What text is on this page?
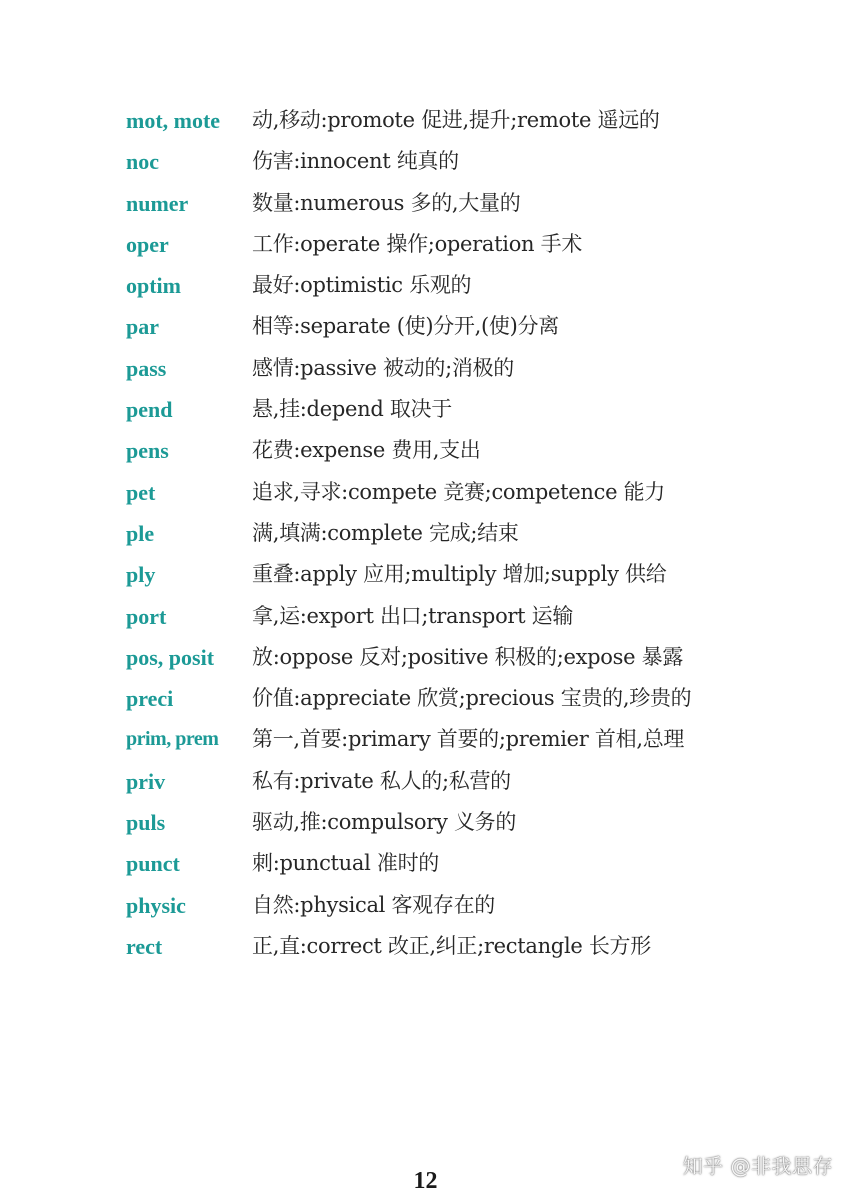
mot, mote	动,移动:promote 促进,提升;remote 遥远的
noc	伤害:innocent 纯真的
numer	数量:numerous 多的,大量的
oper	工作:operate 操作;operation 手术
optim	最好:optimistic 乐观的
par	相等:separate (使)分开,(使)分离
pass	感情:passive 被动的;消极的
pend	悬,挂:depend 取决于
pens	花费:expense 费用,支出
pet	追求,寻求:compete 竞赛;competence 能力
ple	满,填满:complete 完成;结束
ply	重叠:apply 应用;multiply 增加;supply 供给
port	拿,运:export 出口;transport 运输
pos, posit	放:oppose 反对;positive 积极的;expose 暴露
preci	价值:appreciate 欣赏;precious 宝贵的,珍贵的
prim, prem	第一,首要:primary 首要的;premier 首相,总理
priv	私有:private 私人的;私营的
puls	驱动,推:compulsory 义务的
punct	刺:punctual 准时的
physic	自然:physical 客观存在的
rect	正,直:correct 改正,纠正;rectangle 长方形
知乎 @非我思存
12
